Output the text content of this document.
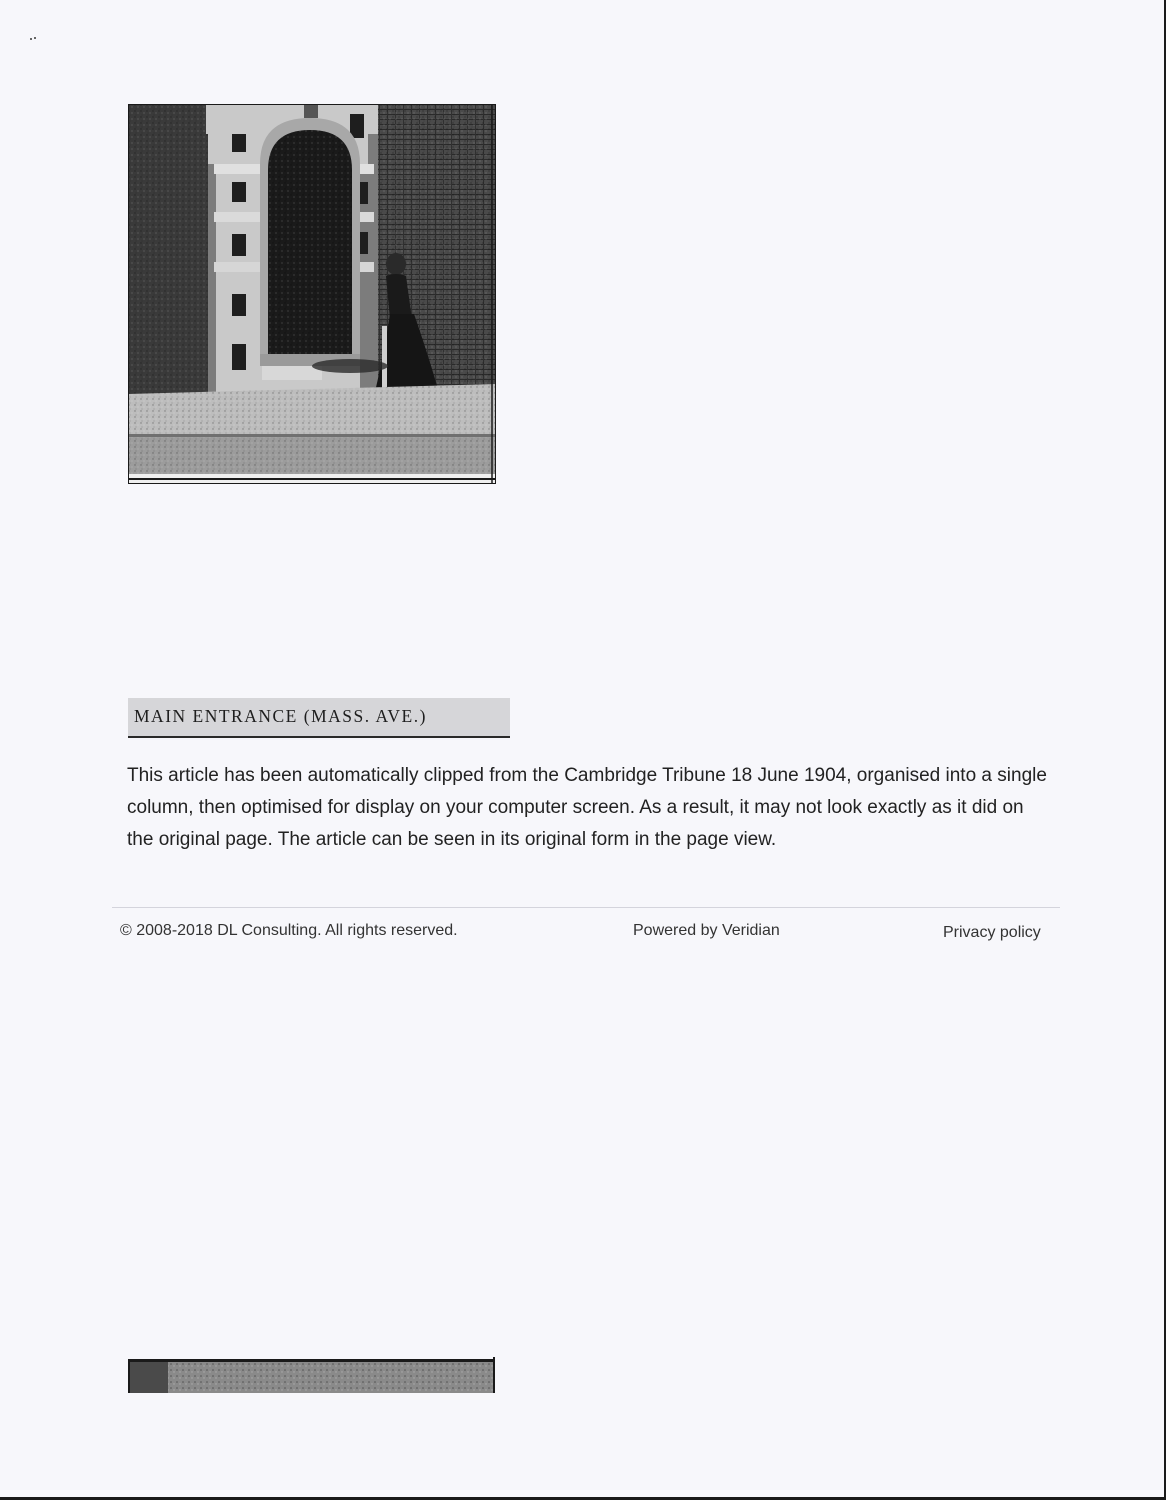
MAIN ENTRANCE (MASS. AVE.)

This article has been automatically clipped from the Cambridge Tribune 18 June 1904, organised into a single column, then optimised for display on your computer screen. As a result, it may not look exactly as it did on the original page. The article can be seen in its original form in the page view.

© 2008-2018 DL Consulting. All rights reserved.	Powered by Veridian	Privacy policy
